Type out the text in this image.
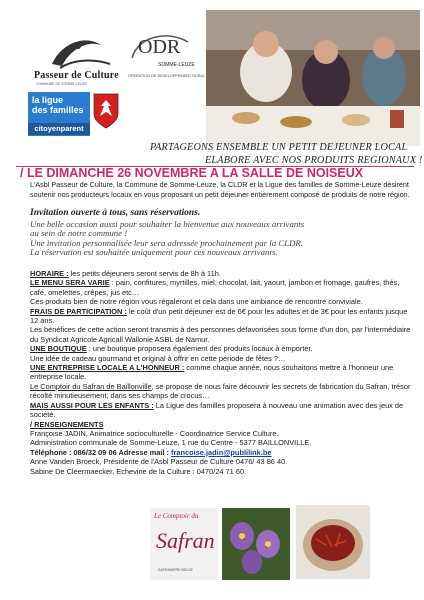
Passeur de Culture
COMMUNE DE SOMME-LEUZE
ODR
SOMME-LEUZE
OPERATION DE DEVELOPPEMENT RURAL
la ligue
des familles
citoyenparent
PARTAGEONS ENSEMBLE UN PETIT DEJEUNER LOCAL
ELABORE AVEC NOS PRODUITS REGIONAUX !
/ LE DIMANCHE 26 NOVEMBRE A LA SALLE DE NOISEUX
L'Asbl Passeur de Culture, la Commune de Somme-Leuze, la CLDR et la Ligue des familles de Somme-Leuze désirent soutenir nos producteurs locaux en vous proposant un petit déjeuner entièrement composé de produits de notre région.
Invitation ouverte à tous, sans réservations.
Une belle occasion aussi pour souhaiter la bienvenue aux nouveaux arrivants
au sein de notre commune !
Une invitation personnalisée leur sera adressée prochainement par la CLDR.
La réservation est souhaitée uniquement pour ces nouveaux arrivants.

HORAIRE : les petits déjeuners seront servis de 8h à 11h.

LE MENU SERA VARIE : pain, confitures, myrtilles, miel, chocolat, lait, yaourt, jambon et fromage, gaufres, thés, café, omelettes, crêpes, jus etc…

Ces produits bien de notre région vous régaleront et cela dans une ambiance de rencontre conviviale.

FRAIS DE PARTICIPATION : le coût d'un petit déjeuner est de 6€ pour les adultes et de 3€ pour les enfants jusque 12 ans.

Les bénéfices de cette action seront transmis à des personnes défavorisées sous forme d'un don, par l'intermédiaire du Syndicat Agricole Agricall Wallonie ASBL de Namur.

UNE BOUTIQUE : une boutique proposera également des produits locaux à emporter.

Une idée de cadeau gourmand et original à offrir en cette période de fêtes ?…

UNE ENTREPRISE LOCALE A L'HONNEUR : comme chaque année, nous souhaitons mettre à l'honneur une entreprise locale.

Le Comptoir du Safran de Baillonville, se propose de nous faire découvrir les secrets de fabrication du Safran, trésor récolté minutieusement, dans ses champs de crocus…

MAIS AUSSI POUR LES ENFANTS : La Ligue des familles proposera à nouveau une animation avec des jeux de société.

/ RENSEIGNEMENTS

Françoise JADIN, Animatrice socioculturelle - Coordinatrice Service Culture.

Administration communale de Somme-Leuze, 1 rue du Centre - 5377 BAILLONVILLE.

Téléphone : 086/32 09 06 Adresse mail : francoise.jadin@publilink.be

Anne Vanden Broeck, Présidente de l'Asbl Passeur de Culture 0476/ 43 86 40.

Sabine De Cleermaecker, Echevine de la Culture : 0470/24 71 60.

Le Comptoir du
Safran
SAFRANIÈRE BELGE
